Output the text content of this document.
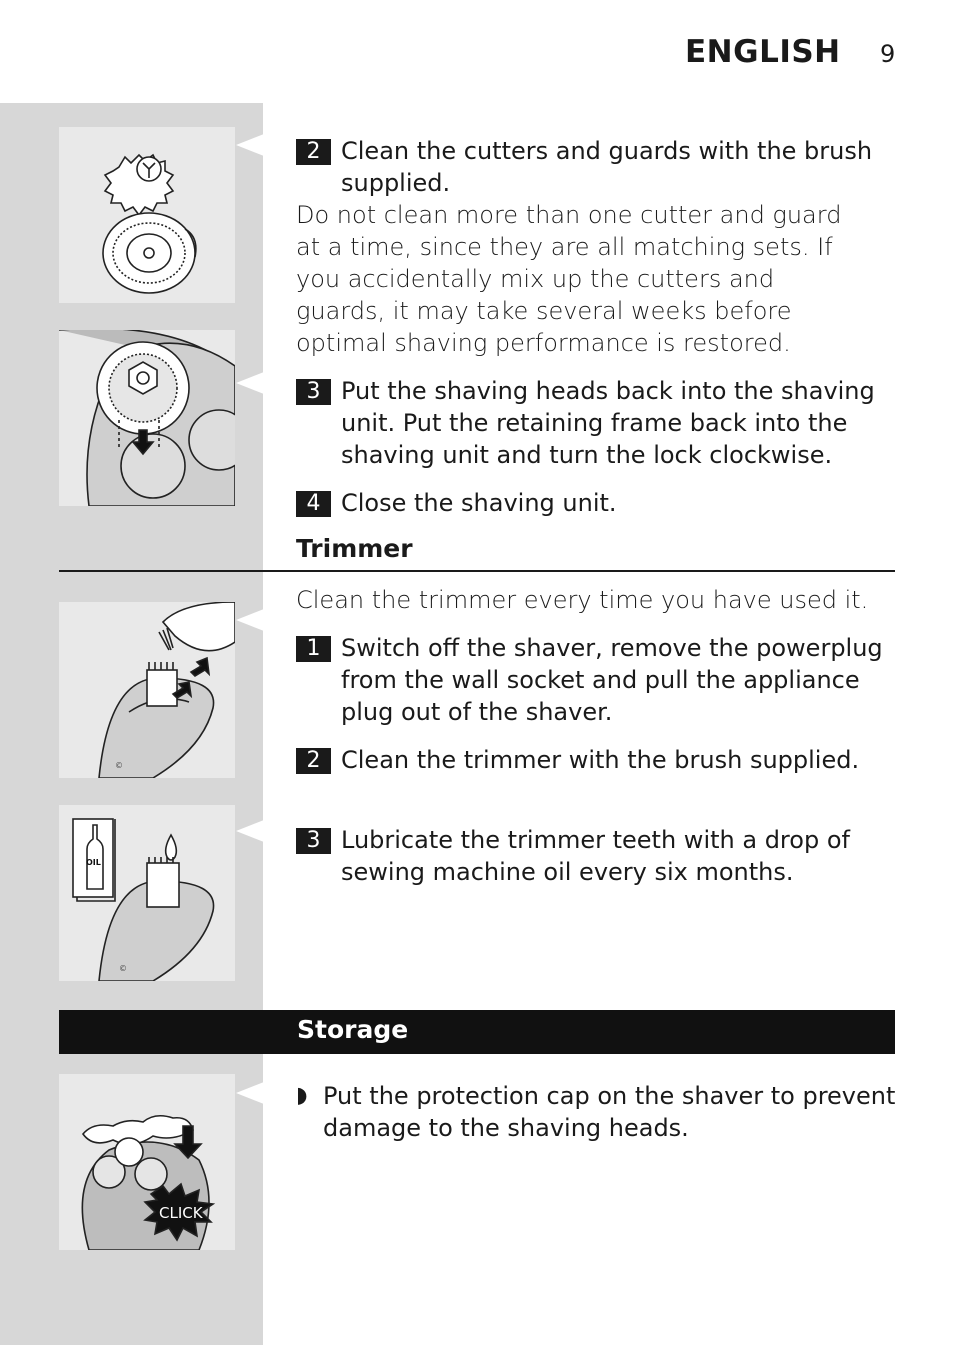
ENGLISH 9
2 Clean the cutters and guards with the brush supplied.
Do not clean more than one cutter and guard at a time, since they are all matching sets. If you accidentally mix up the cutters and guards, it may take several weeks before optimal shaving performance is restored.
3 Put the shaving heads back into the shaving unit. Put the retaining frame back into the shaving unit and turn the lock clockwise.
4 Close the shaving unit.
Trimmer
Clean the trimmer every time you have used it.
©
©
OIL
1 Switch off the shaver, remove the powerplug from the wall socket and pull the appliance plug out of the shaver.
2 Clean the trimmer with the brush supplied.
3 Lubricate the trimmer teeth with a drop of sewing machine oil every six months.
Storage
CLICK
◗ Put the protection cap on the shaver to prevent damage to the shaving heads.
